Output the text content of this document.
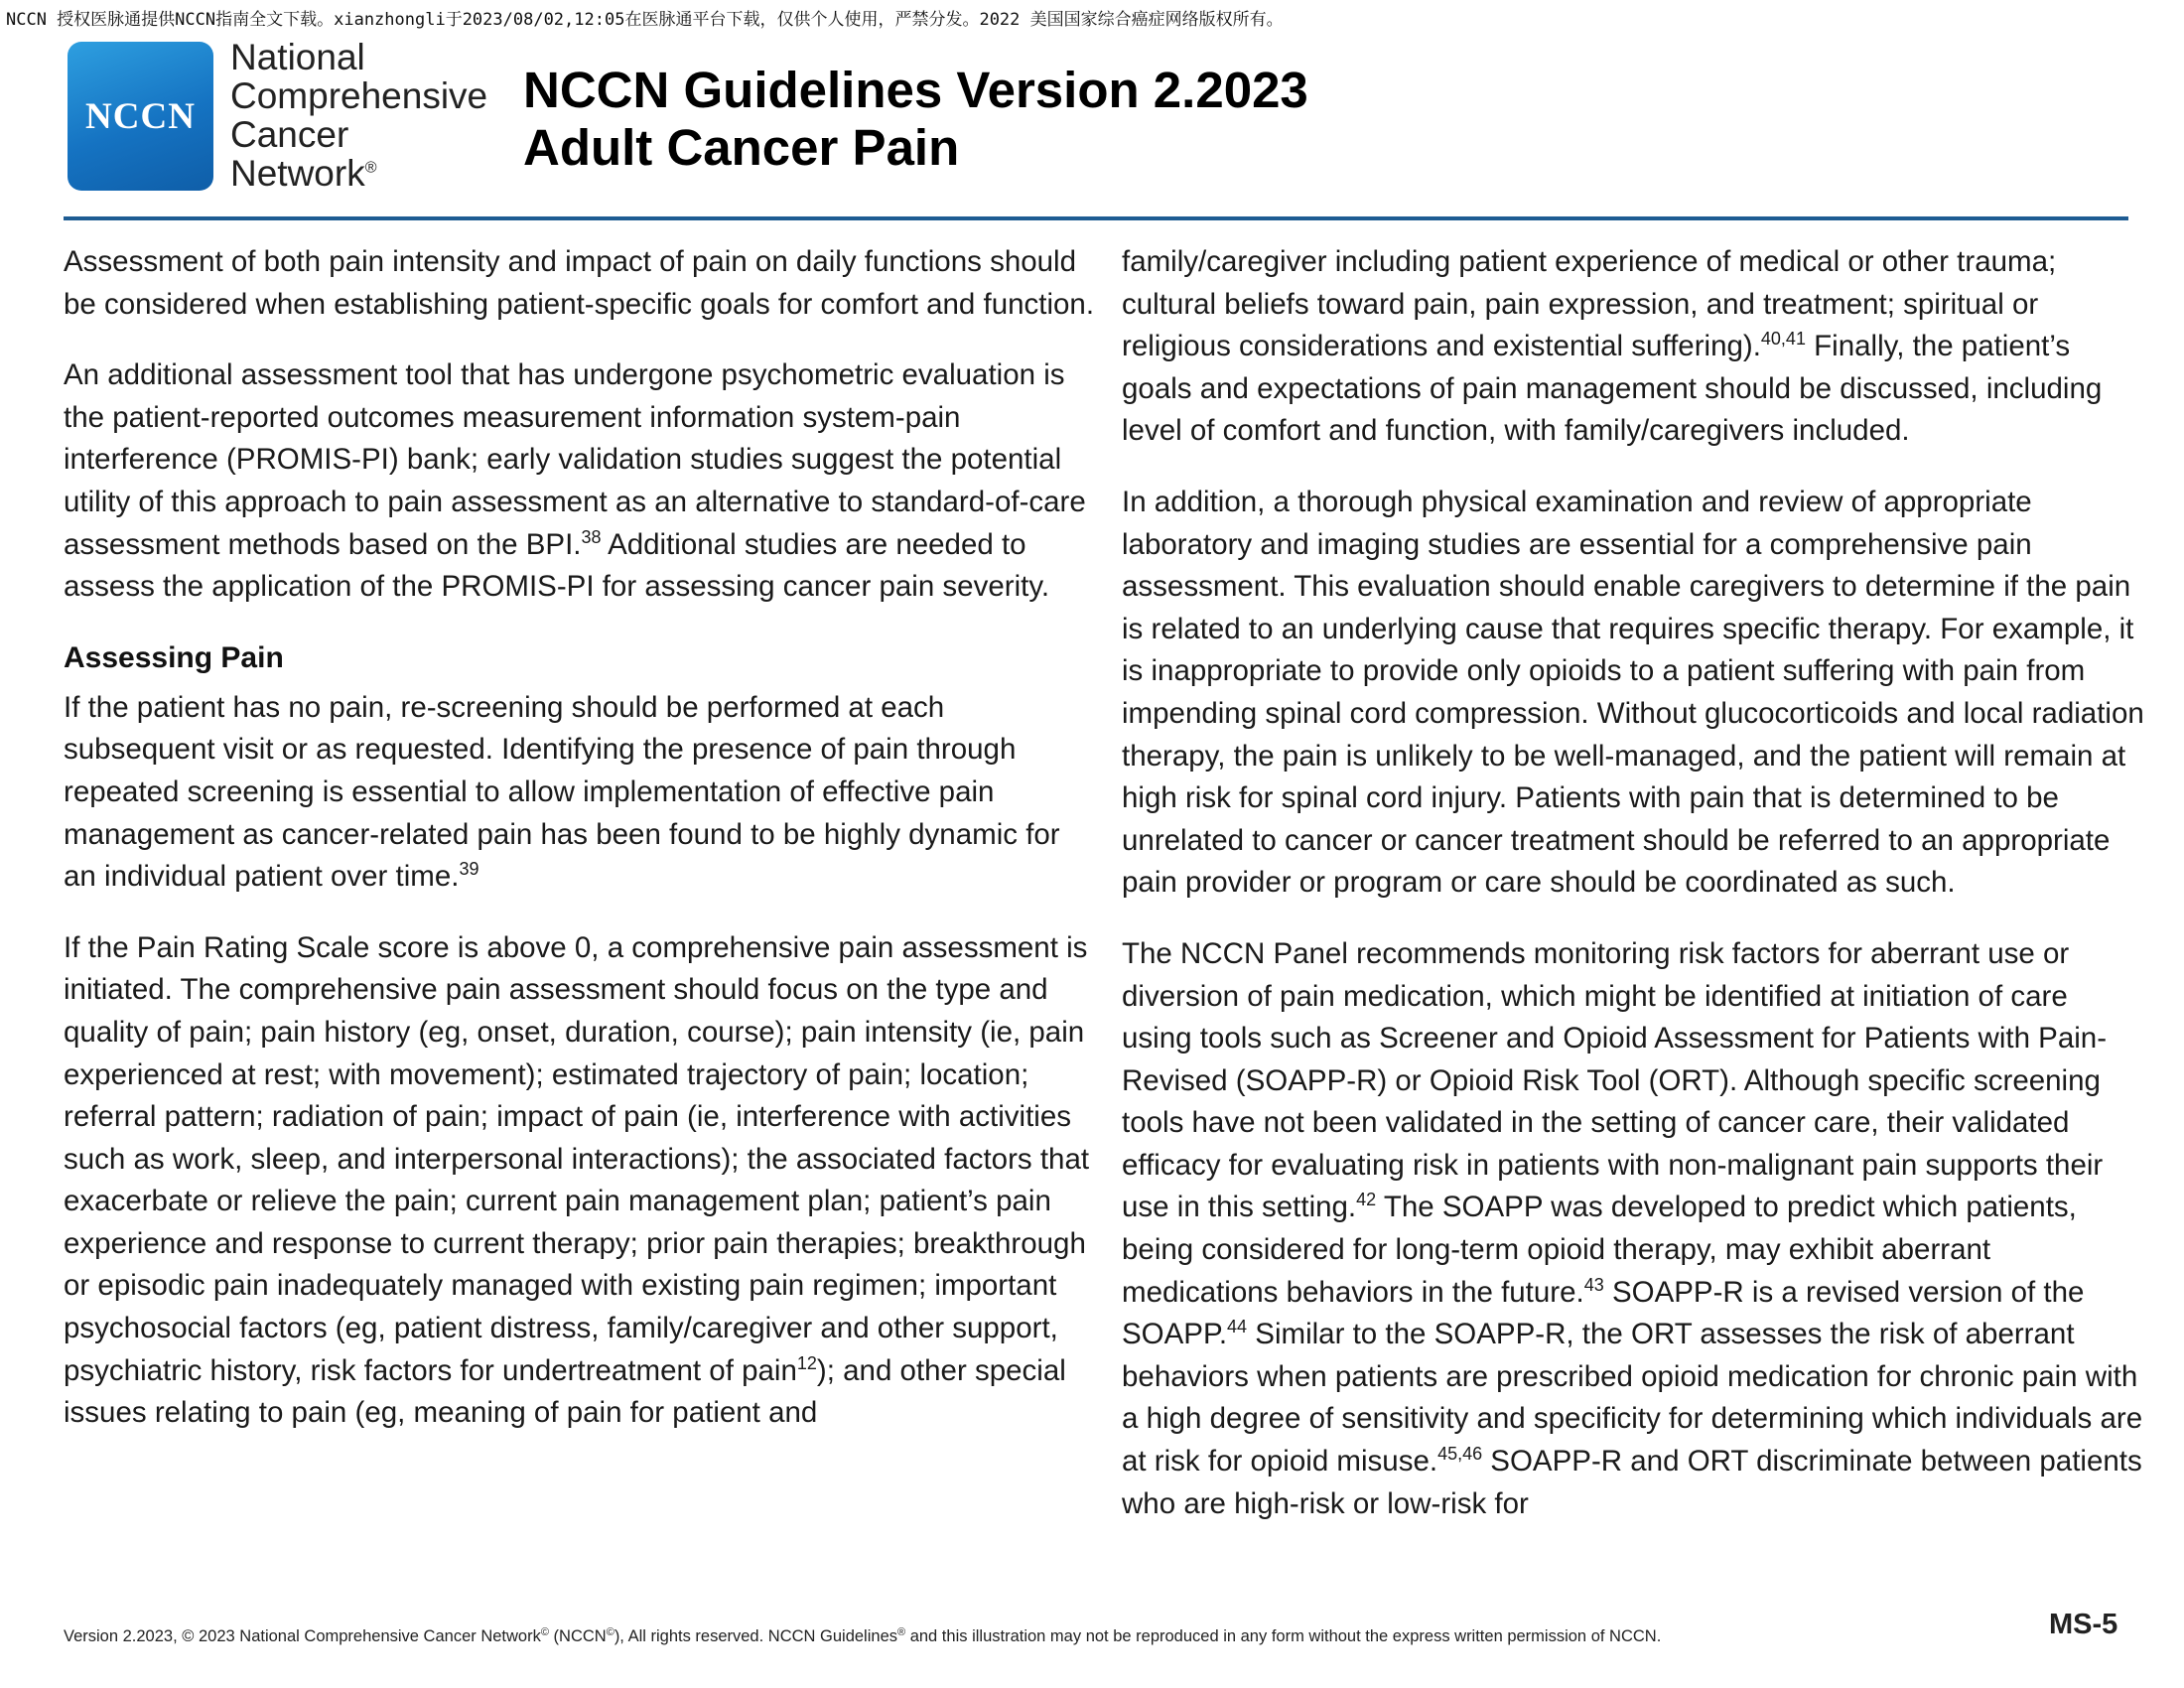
NCCN 授权医脉通提供NCCN指南全文下载。xianzhongli于2023/08/02,12:05在医脉通平台下载，仅供个人使用，严禁分发。2022 美国国家综合癌症网络版权所有。
NCCN
National
Comprehensive
Cancer
Network®
NCCN Guidelines Version 2.2023
Adult Cancer Pain

Assessment of both pain intensity and impact of pain on daily functions should be considered when establishing patient-specific goals for comfort and function.

An additional assessment tool that has undergone psychometric evaluation is the patient-reported outcomes measurement information system-pain interference (PROMIS-PI) bank; early validation studies suggest the potential utility of this approach to pain assessment as an alternative to standard-of-care assessment methods based on the BPI.$^{38}$ Additional studies are needed to assess the application of the PROMIS-PI for assessing cancer pain severity.

Assessing Pain

If the patient has no pain, re-screening should be performed at each subsequent visit or as requested. Identifying the presence of pain through repeated screening is essential to allow implementation of effective pain management as cancer-related pain has been found to be highly dynamic for an individual patient over time.$^{39}$

If the Pain Rating Scale score is above 0, a comprehensive pain assessment is initiated. The comprehensive pain assessment should focus on the type and quality of pain; pain history (eg, onset, duration, course); pain intensity (ie, pain experienced at rest; with movement); estimated trajectory of pain; location; referral pattern; radiation of pain; impact of pain (ie, interference with activities such as work, sleep, and interpersonal interactions); the associated factors that exacerbate or relieve the pain; current pain management plan; patient’s pain experience and response to current therapy; prior pain therapies; breakthrough or episodic pain inadequately managed with existing pain regimen; important psychosocial factors (eg, patient distress, family/caregiver and other support, psychiatric history, risk factors for undertreatment of pain$^{12}$); and other special issues relating to pain (eg, meaning of pain for patient and

family/caregiver including patient experience of medical or other trauma; cultural beliefs toward pain, pain expression, and treatment; spiritual or religious considerations and existential suffering).$^{40,41}$ Finally, the patient’s goals and expectations of pain management should be discussed, including level of comfort and function, with family/caregivers included.

In addition, a thorough physical examination and review of appropriate laboratory and imaging studies are essential for a comprehensive pain assessment. This evaluation should enable caregivers to determine if the pain is related to an underlying cause that requires specific therapy. For example, it is inappropriate to provide only opioids to a patient suffering with pain from impending spinal cord compression. Without glucocorticoids and local radiation therapy, the pain is unlikely to be well-managed, and the patient will remain at high risk for spinal cord injury. Patients with pain that is determined to be unrelated to cancer or cancer treatment should be referred to an appropriate pain provider or program or care should be coordinated as such.

The NCCN Panel recommends monitoring risk factors for aberrant use or diversion of pain medication, which might be identified at initiation of care using tools such as Screener and Opioid Assessment for Patients with Pain-Revised (SOAPP-R) or Opioid Risk Tool (ORT). Although specific screening tools have not been validated in the setting of cancer care, their validated efficacy for evaluating risk in patients with non-malignant pain supports their use in this setting.$^{42}$ The SOAPP was developed to predict which patients, being considered for long-term opioid therapy, may exhibit aberrant medications behaviors in the future.$^{43}$ SOAPP-R is a revised version of the SOAPP.$^{44}$ Similar to the SOAPP-R, the ORT assesses the risk of aberrant behaviors when patients are prescribed opioid medication for chronic pain with a high degree of sensitivity and specificity for determining which individuals are at risk for opioid misuse.$^{45,46}$ SOAPP-R and ORT discriminate between patients who are high-risk or low-risk for

Version 2.2023, © 2023 National Comprehensive Cancer Network© (NCCN©), All rights reserved. NCCN Guidelines® and this illustration may not be reproduced in any form without the express written permission of NCCN.	MS-5
